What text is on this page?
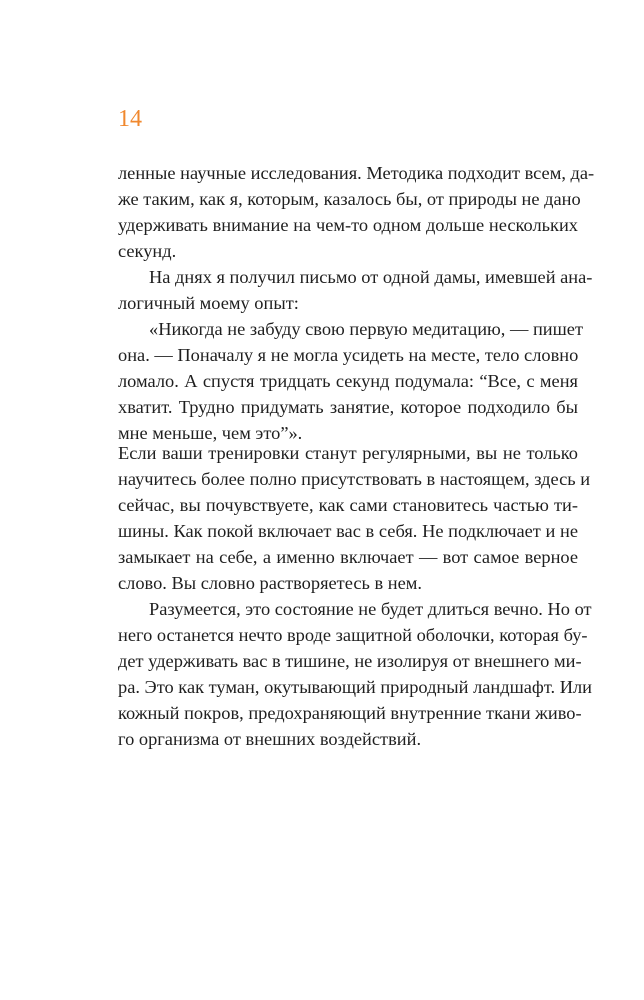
14
ленные научные исследования. Методика подходит всем, да-
же таким, как я, которым, казалось бы, от природы не дано
удерживать внимание на чем-то одном дольше нескольких
секунд.
На днях я получил письмо от одной дамы, имевшей ана-
логичный моему опыт:
«Никогда не забуду свою первую медитацию, — пишет
она. — Поначалу я не могла усидеть на месте, тело словно
ломало. А спустя тридцать секунд подумала: “Все, с меня
хватит. Трудно придумать занятие, которое подходило бы
мне меньше, чем это”».
Если ваши тренировки станут регулярными, вы не только
научитесь более полно присутствовать в настоящем, здесь и
сейчас, вы почувствуете, как сами становитесь частью ти-
шины. Как покой включает вас в себя. Не подключает и не
замыкает на себе, а именно включает — вот самое верное
слово. Вы словно растворяетесь в нем.
Разумеется, это состояние не будет длиться вечно. Но от
него останется нечто вроде защитной оболочки, которая бу-
дет удерживать вас в тишине, не изолируя от внешнего ми-
ра. Это как туман, окутывающий природный ландшафт. Или
кожный покров, предохраняющий внутренние ткани живо-
го организма от внешних воздействий.
